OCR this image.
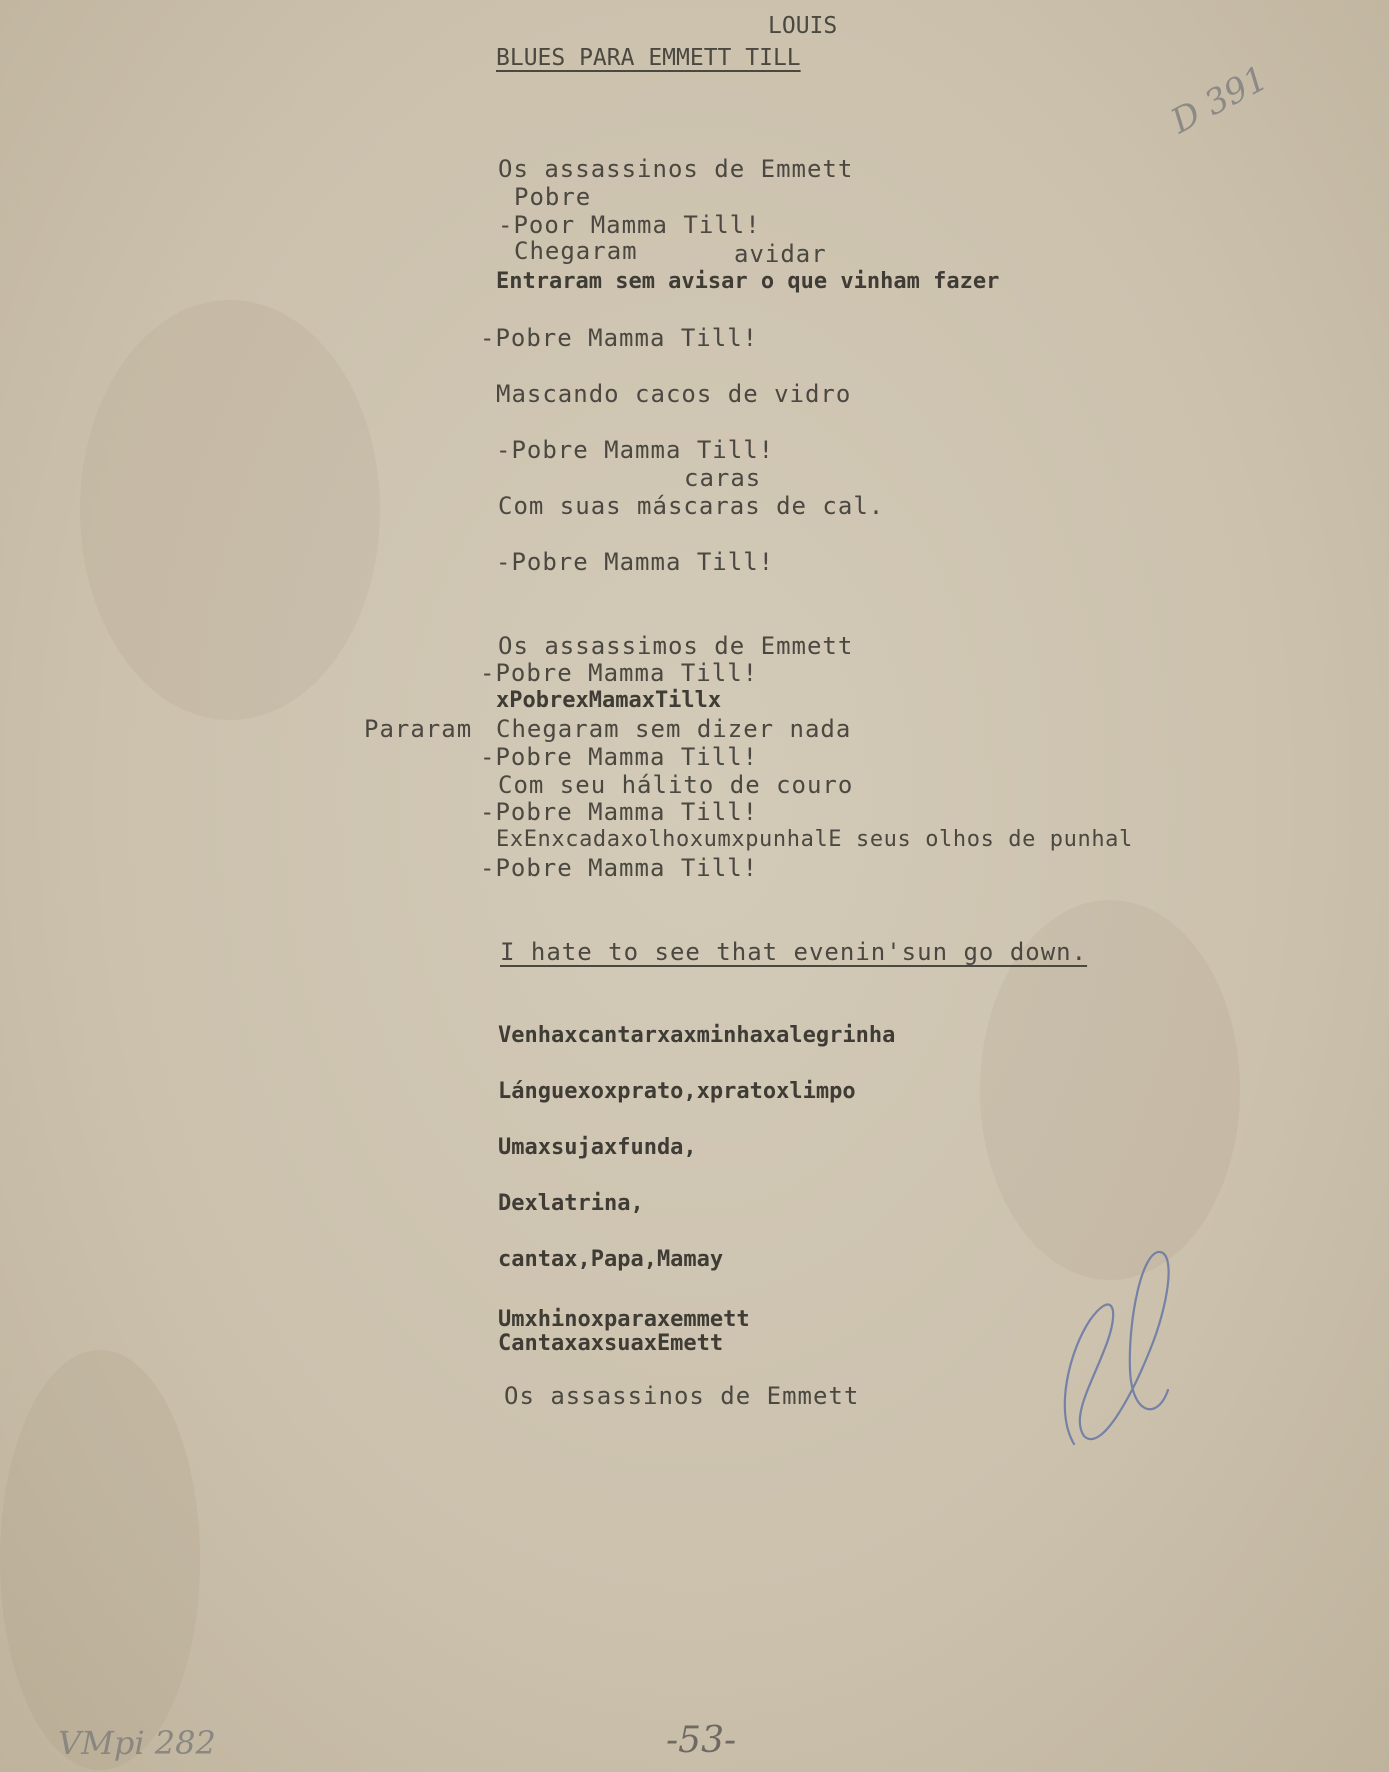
LOUIS
BLUES PARA EMMETT TILL
D 391
Os assassinos de Emmett
Pobre
-Poor Mamma Till!
Chegaram	avidar
Entraram sem avisar o que vinham fazer
-Pobre Mamma Till!
Mascando cacos de vidro
-Pobre Mamma Till!
caras
Com suas máscaras de cal.
-Pobre Mamma Till!
Os assassimos de Emmett
-Pobre Mamma Till!
xPobrexMamaxTillx
Pararam Chegaram sem dizer nada
-Pobre Mamma Till!
Com seu hálito de couro
-Pobre Mamma Till!
ExEnxcadaxolhoxumxpunhalE seus olhos de punhal
-Pobre Mamma Till!
I hate to see that evenin'sun go down.
Venhaxcantarxaxminhaxalegrinha
Lánguexoxprato,xpratoxlimpo
Umaxsujaxfunda,
Dexlatrina,
cantax,Papa,Mamay
Umxhinoxparaxemmett
CantaxaxsuaxEmett
Os assassinos de Emmett
-53-
VMpi 282
